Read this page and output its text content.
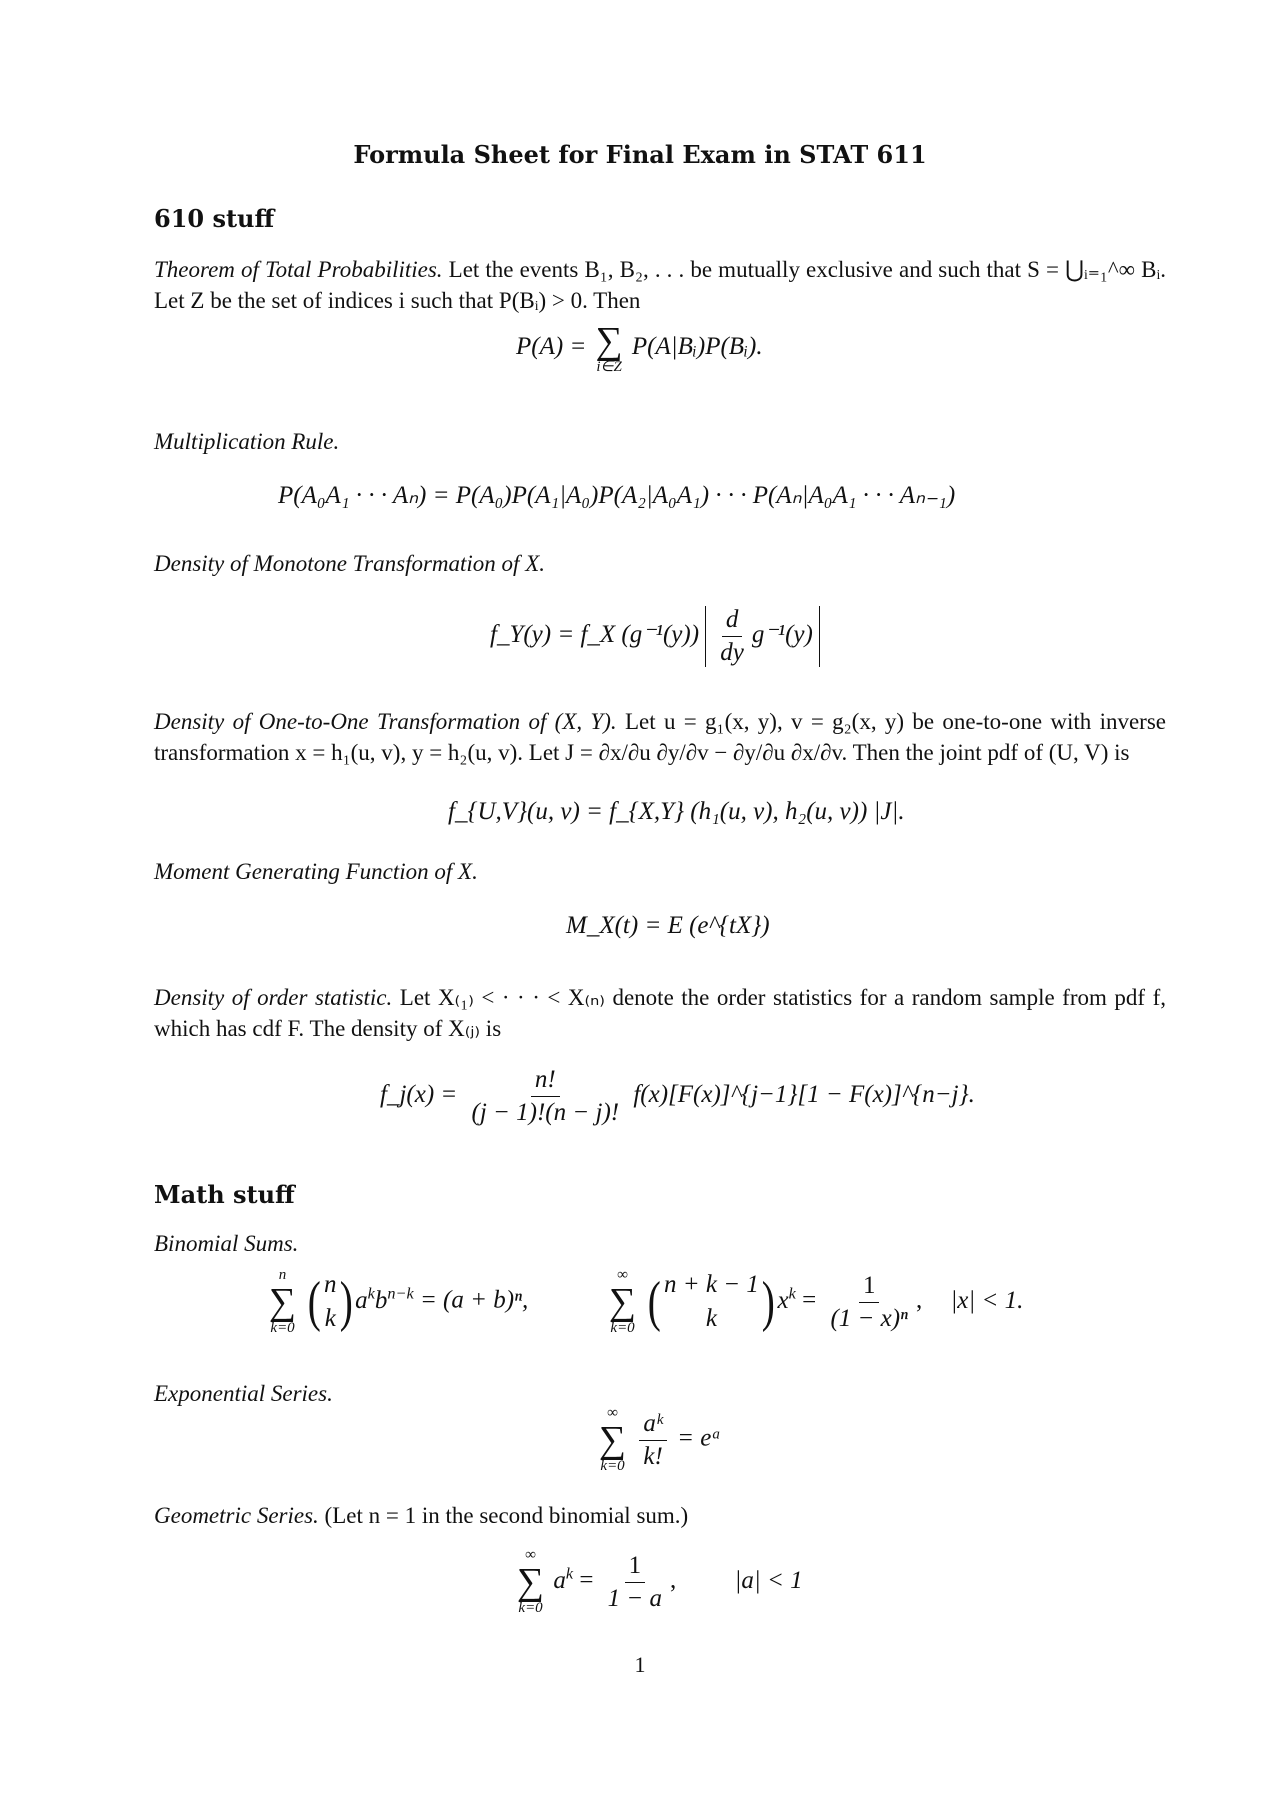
Formula Sheet for Final Exam in STAT 611
610 stuff
Theorem of Total Probabilities. Let the events B₁, B₂, . . . be mutually exclusive and such that S = ⋃ᵢ₌₁^∞ Bᵢ. Let Z be the set of indices i such that P(Bᵢ) > 0. Then
P(A) = ∑
i∈Z
P(A|Bᵢ)P(Bᵢ).
Multiplication Rule.
P(A₀A₁ · · · Aₙ) = P(A₀)P(A₁|A₀)P(A₂|A₀A₁) · · · P(Aₙ|A₀A₁ · · · Aₙ₋₁)
Density of Monotone Transformation of X.
f_Y(y) = f_X $(g^{-1}(y)) \frac{d}{dy} g^{-1}(y)$
Density of One-to-One Transformation of (X, Y). Let u = g₁(x, y), v = g₂(x, y) be one-to-one with inverse transformation x = h₁(u, v), y = h₂(u, v). Let J = ∂x/∂u ∂y/∂v − ∂y/∂u ∂x/∂v. Then the joint pdf of (U, V) is
f_{U,V}(u, v) = f_{X,Y} (h₁(u, v), h₂(u, v)) |J|.
Moment Generating Function of X.
M_X(t) = E (e^{tX})
Density of order statistic. Let X₍₁₎ < · · · < X₍ₙ₎ denote the order statistics for a random sample from pdf f, which has cdf F. The density of X₍ⱼ₎ is
f_j(x) = $\frac{n!}{(j - 1)!(n - j)!}$ f(x)[F(x)]^{j−1}[1 − F(x)]^{n−j}.
Math stuff
Binomial Sums.
n
∑
k=0
( n
k ) $a^kb^{n-k} = (a + b)^n$,
∞
∑
k=0
( n + k − 1
k ) $x^k = \frac{1}{\text{(1 − x)ⁿ}}$ , |x| < 1.
Exponential Series.
∞
∑
k=0
$\frac{\text{aᵏ}}{k!}$ = eᵃ
Geometric Series. (Let n = 1 in the second binomial sum.)
∞
∑
k=0
$a^k = \frac{1}{1 - a}$ , |a| < 1
1
